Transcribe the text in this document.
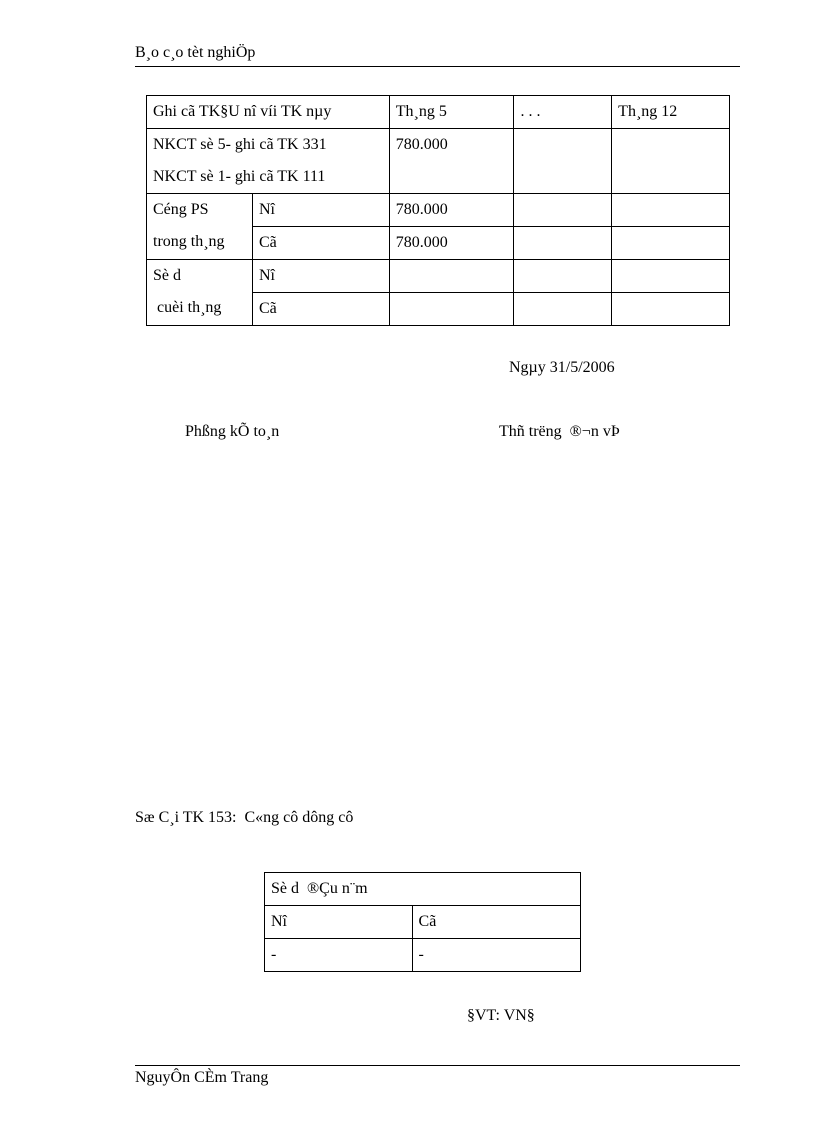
B¸o c¸o tèt nghiÖp
Ghi cã TK§U nî víi TK nµy		Th¸ng 5	. . .	Th¸ng 12

NKCT sè 5- ghi cã TK 331
NKCT sè 1- ghi cã TK 111		780.000		

Céng PS
trong th¸ng	Nî	780.000		
	Cã	780.000		

Sè d
cuèi th¸ng	Nî			
	Cã			
Ngµy 31/5/2006
Phßng kÕ to¸n	Thñ trëng  ®¬n vÞ
Sæ C¸i TK 153:  C«ng cô dông cô
Sè d  ®Çu n¨m	
Nî	Cã
-	-
§VT: VN§
NguyÔn CÈm Trang
